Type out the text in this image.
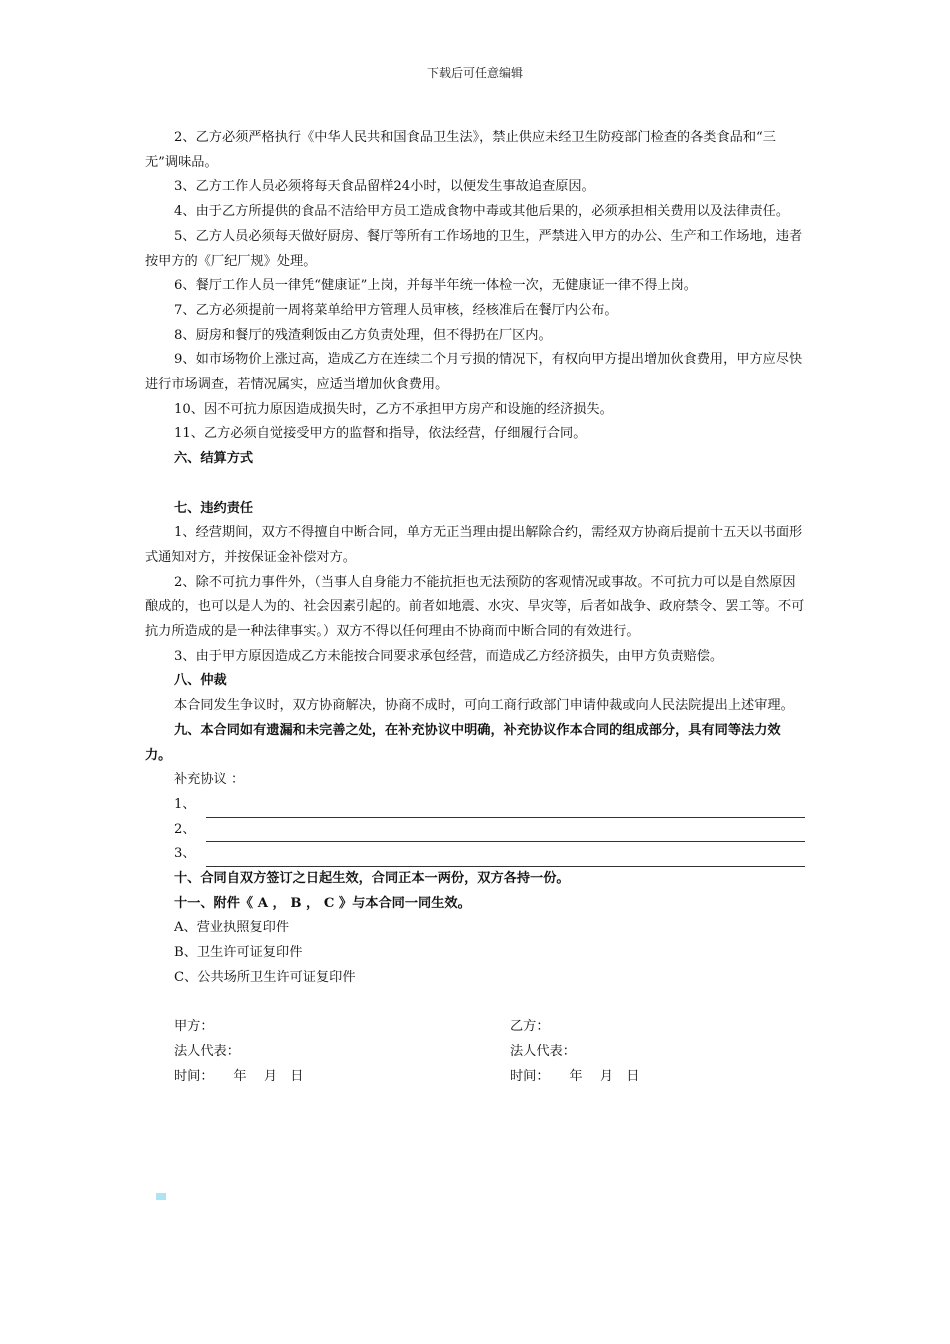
下载后可任意编辑

2、乙方必须严格执行《中华人民共和国食品卫生法》，禁止供应未经卫生防疫部门检查的各类食品和“三无”调味品。

3、乙方工作人员必须将每天食品留样24小时，以便发生事故追查原因。

4、由于乙方所提供的食品不洁给甲方员工造成食物中毒或其他后果的，必须承担相关费用以及法律责任。

5、乙方人员必须每天做好厨房、餐厅等所有工作场地的卫生，严禁进入甲方的办公、生产和工作场地，违者按甲方的《厂纪厂规》处理。

6、餐厅工作人员一律凭“健康证”上岗，并每半年统一体检一次，无健康证一律不得上岗。

7、乙方必须提前一周将菜单给甲方管理人员审核，经核准后在餐厅内公布。

8、厨房和餐厅的残渣剩饭由乙方负责处理，但不得扔在厂区内。

9、如市场物价上涨过高，造成乙方在连续二个月亏损的情况下，有权向甲方提出增加伙食费用，甲方应尽快进行市场调查，若情况属实，应适当增加伙食费用。

10、因不可抗力原因造成损失时，乙方不承担甲方房产和设施的经济损失。

11、乙方必须自觉接受甲方的监督和指导，依法经营，仔细履行合同。

六、结算方式

七、违约责任

1、经营期间，双方不得擅自中断合同，单方无正当理由提出解除合约，需经双方协商后提前十五天以书面形式通知对方，并按保证金补偿对方。

2、除不可抗力事件外，（当事人自身能力不能抗拒也无法预防的客观情况或事故。不可抗力可以是自然原因酿成的，也可以是人为的、社会因素引起的。前者如地震、水灾、旱灾等，后者如战争、政府禁令、罢工等。不可抗力所造成的是一种法律事实。）双方不得以任何理由不协商而中断合同的有效进行。

3、由于甲方原因造成乙方未能按合同要求承包经营，而造成乙方经济损失，由甲方负责赔偿。

八、仲裁

本合同发生争议时，双方协商解决，协商不成时，可向工商行政部门申请仲裁或向人民法院提出上述审理。

九、本合同如有遗漏和未完善之处，在补充协议中明确，补充协议作本合同的组成部分，具有同等法力效力。

补充协议 ：

1、
2、
3、

十、合同自双方签订之日起生效，合同正本一两份，双方各持一份。

十一、附件《 A ， B ， C 》与本合同一同生效。

A、营业执照复印件

B、卫生许可证复印件

C、公共场所卫生许可证复印件

甲方：	乙方：
法人代表：	法人代表：
时间：　　年　 月　日	时间：　　年　 月　日
